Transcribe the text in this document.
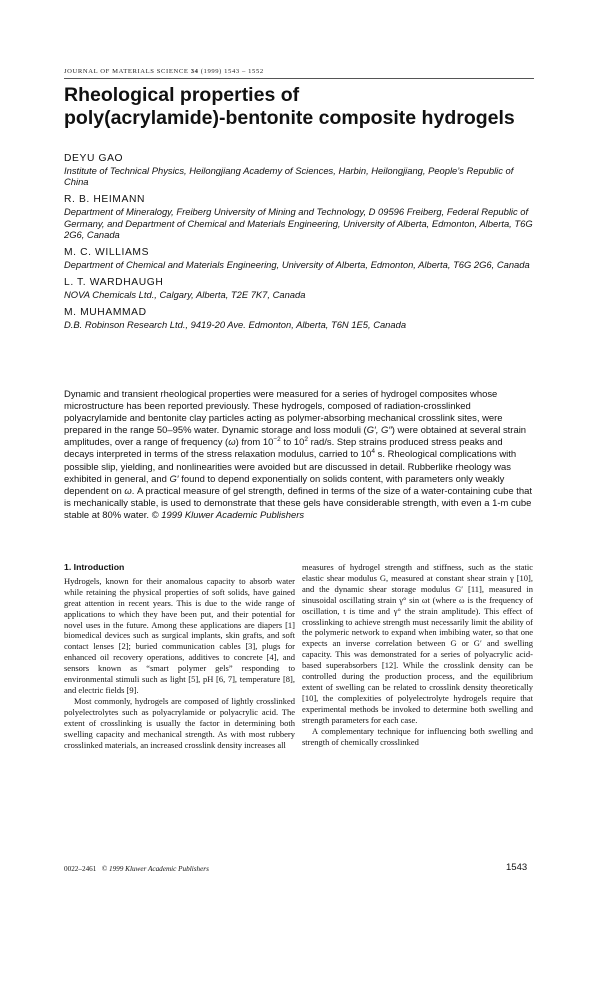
JOURNAL OF MATERIALS SCIENCE 34 (1999) 1543 – 1552
Rheological properties of
poly(acrylamide)-bentonite composite hydrogels
DEYU GAO
Institute of Technical Physics, Heilongjiang Academy of Sciences, Harbin, Heilongjiang, People’s Republic of China
R. B. HEIMANN
Department of Mineralogy, Freiberg University of Mining and Technology, D 09596 Freiberg, Federal Republic of Germany, and Department of Chemical and Materials Engineering, University of Alberta, Edmonton, Alberta, T6G 2G6, Canada
M. C. WILLIAMS
Department of Chemical and Materials Engineering, University of Alberta, Edmonton, Alberta, T6G 2G6, Canada
L. T. WARDHAUGH
NOVA Chemicals Ltd., Calgary, Alberta, T2E 7K7, Canada
M. MUHAMMAD
D.B. Robinson Research Ltd., 9419-20 Ave. Edmonton, Alberta, T6N 1E5, Canada
Dynamic and transient rheological properties were measured for a series of hydrogel composites whose microstructure has been reported previously. These hydrogels, composed of radiation-crosslinked polyacrylamide and bentonite clay particles acting as polymer-absorbing mechanical crosslink sites, were prepared in the range 50–95% water. Dynamic storage and loss moduli (G′, G″) were obtained at several strain amplitudes, over a range of frequency (ω) from $10^{-2}$ to $10^2$ rad/s. Step strains produced stress peaks and decays interpreted in terms of the stress relaxation modulus, carried to $10^4$ s. Rheological complications with possible slip, yielding, and nonlinearities were avoided but are discussed in detail. Rubberlike rheology was exhibited in general, and G′ found to depend exponentially on solids content, with parameters only weakly dependent on ω. A practical measure of gel strength, defined in terms of the size of a water-containing cube that is mechanically stable, is used to demonstrate that these gels have considerable strength, with even a 1-m cube stable at 80% water. © 1999 Kluwer Academic Publishers
1. Introduction

Hydrogels, known for their anomalous capacity to absorb water while retaining the physical properties of soft solids, have gained great attention in recent years. This is due to the wide range of applications to which they have been put, and their potential for novel uses in the future. Among these applications are diapers [1] biomedical devices such as surgical implants, skin grafts, and soft contact lenses [2]; buried communication cables [3], plugs for enhanced oil recovery operations, additives to concrete [4], and sensors known as “smart polymer gels” responding to environmental stimuli such as light [5], pH [6, 7], temperature [8], and electric fields [9].

Most commonly, hydrogels are composed of lightly crosslinked polyelectrolytes such as polyacrylamide or polyacrylic acid. The extent of crosslinking is usually the factor in determining both swelling capacity and mechanical strength. As with most rubbery crosslinked materials, an increased crosslink density increases all

measures of hydrogel strength and stiffness, such as the static elastic shear modulus G, measured at constant shear strain γ [10], and the dynamic shear storage modulus G′ [11], measured in sinusoidal oscillating strain γ° sin ωt (where ω is the frequency of oscillation, t is time and γ° the strain amplitude). This effect of crosslinking to achieve strength must necessarily limit the ability of the polymeric network to expand when imbibing water, so that one expects an inverse correlation between G or G′ and swelling capacity. This was demonstrated for a series of polyacrylic acid-based superabsorbers [12]. While the crosslink density can be controlled during the production process, and the equilibrium extent of swelling can be related to crosslink density theoretically [10], the complexities of polyelectrolyte hydrogels require that experimental methods be invoked to determine both swelling and strength parameters for each case.

A complementary technique for influencing both swelling and strength of chemically crosslinked

0022–2461 © 1999 Kluwer Academic Publishers	1543
